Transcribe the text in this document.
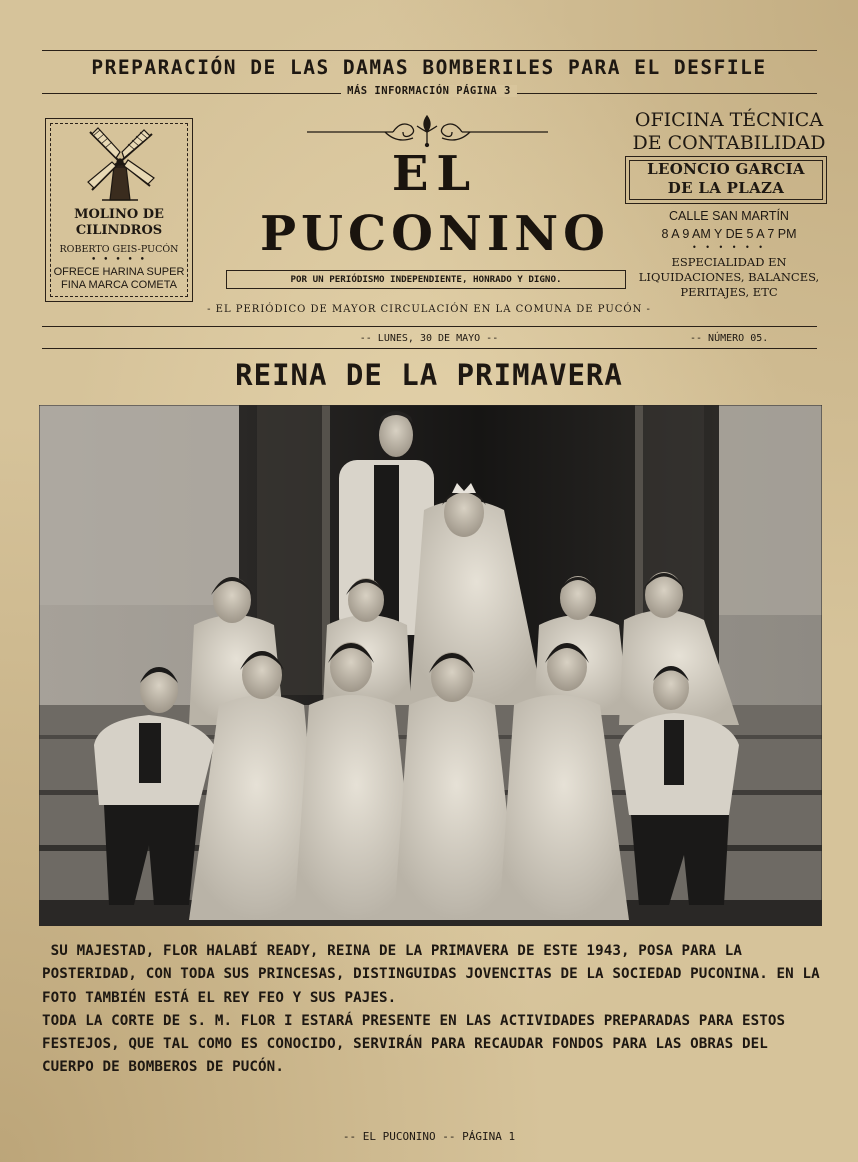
PREPARACIÓN DE LAS DAMAS BOMBERILES PARA EL DESFILE
MÁS INFORMACIÓN PÁGINA 3
MOLINO DE CILINDROS
ROBERTO GEIS-PUCÓN
• • • • •
OFRECE HARINA SUPER FINA MARCA COMETA
EL
PUCONINO
POR UN PERIÓDISMO INDEPENDIENTE, HONRADO Y DIGNO.
- EL PERIÓDICO DE MAYOR CIRCULACIÓN EN LA COMUNA DE PUCÓN -
OFICINA TÉCNICA
DE CONTABILIDAD
LEONCIO GARCIA
DE LA PLAZA
CALLE SAN MARTÍN
8 A 9 AM Y DE 5 A 7 PM
• • • • • •
ESPECIALIDAD EN LIQUIDACIONES, BALANCES, PERITAJES, ETC
-- LUNES, 30 DE MAYO --	-- NÚMERO 05.
REINA DE LA PRIMAVERA

SU MAJESTAD, FLOR HALABÍ READY, REINA DE LA PRIMAVERA DE ESTE 1943, POSA PARA LA POSTERIDAD, CON TODA SUS PRINCESAS, DISTINGUIDAS JOVENCITAS DE LA SOCIEDAD PUCONINA. EN LA FOTO TAMBIÉN ESTÁ EL REY FEO Y SUS PAJES.

TODA LA CORTE DE S. M. FLOR I ESTARÁ PRESENTE EN LAS ACTIVIDADES PREPARADAS PARA ESTOS FESTEJOS, QUE TAL COMO ES CONOCIDO, SERVIRÁN PARA RECAUDAR FONDOS PARA LAS OBRAS DEL CUERPO DE BOMBEROS DE PUCÓN.

-- EL PUCONINO -- PÁGINA 1
